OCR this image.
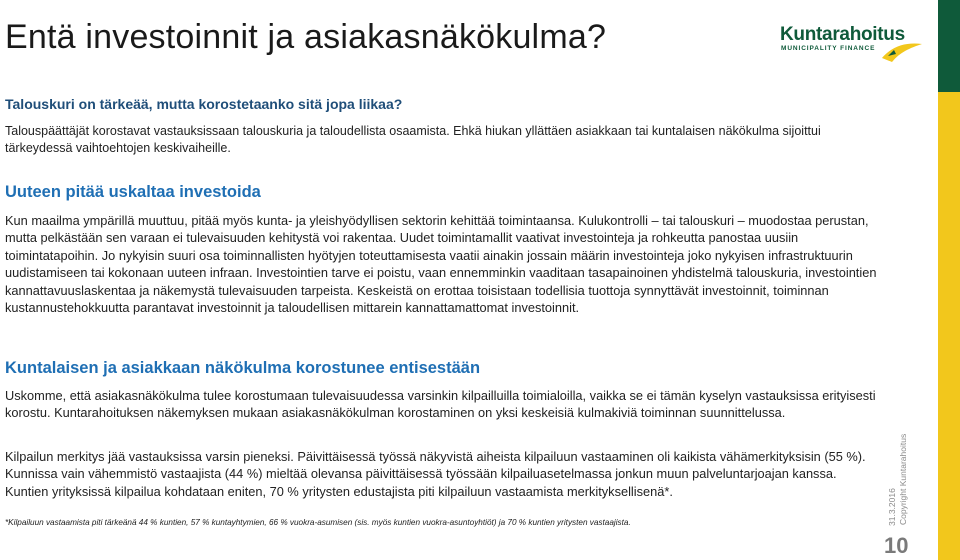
Entä investoinnit ja asiakasnäkökulma?	Kuntarahoitus
MUNICIPALITY FINANCE
Talouskuri on tärkeää, mutta korostetaanko sitä jopa liikaa?
Talouspäättäjät korostavat vastauksissaan talouskuria ja taloudellista osaamista. Ehkä hiukan yllättäen asiakkaan tai kuntalaisen näkökulma sijoittui tärkeydessä vaihtoehtojen keskivaiheille.
Uuteen pitää uskaltaa investoida
Kun maailma ympärillä muuttuu, pitää myös kunta- ja yleishyödyllisen sektorin kehittää toimintaansa. Kulukontrolli – tai talouskuri – muodostaa perustan, mutta pelkästään sen varaan ei tulevaisuuden kehitystä voi rakentaa. Uudet toimintamallit vaativat investointeja ja rohkeutta panostaa uusiin toimintatapoihin. Jo nykyisin suuri osa toiminnallisten hyötyjen toteuttamisesta vaatii ainakin jossain määrin investointeja joko nykyisen infrastruktuurin uudistamiseen tai kokonaan uuteen infraan. Investointien tarve ei poistu, vaan ennemminkin vaaditaan tasapainoinen yhdistelmä talouskuria, investointien kannattavuuslaskentaa ja näkemystä tulevaisuuden tarpeista. Keskeistä on erottaa toisistaan todellisia tuottoja synnyttävät investoinnit, toiminnan kustannustehokkuutta parantavat investoinnit ja taloudellisen mittarein kannattamattomat investoinnit.
Kuntalaisen ja asiakkaan näkökulma korostunee entisestään
Uskomme, että asiakasnäkökulma tulee korostumaan tulevaisuudessa varsinkin kilpailluilla toimialoilla, vaikka se ei tämän kyselyn vastauksissa erityisesti korostu. Kuntarahoituksen näkemyksen mukaan asiakasnäkökulman korostaminen on yksi keskeisiä kulmakiviä toiminnan suunnittelussa.
Kilpailun merkitys jää vastauksissa varsin pieneksi. Päivittäisessä työssä näkyvistä aiheista kilpailuun vastaaminen oli kaikista vähämerkityksisin (55 %). Kunnissa vain vähemmistö vastaajista (44 %) mieltää olevansa päivittäisessä työssään kilpailuasetelmassa jonkun muun palveluntarjoajan kanssa. Kuntien yrityksissä kilpailua kohdataan eniten, 70 % yritysten edustajista piti kilpailuun vastaamista merkityksellisenä*.
*Kilpailuun vastaamista piti tärkeänä 44 % kuntien, 57 % kuntayhtymien, 66 % vuokra-asumisen (sis. myös kuntien vuokra-asuntoyhtiöt) ja 70 % kuntien yritysten vastaajista.	Copyright Kuntarahoitus
31.3.2016
10
